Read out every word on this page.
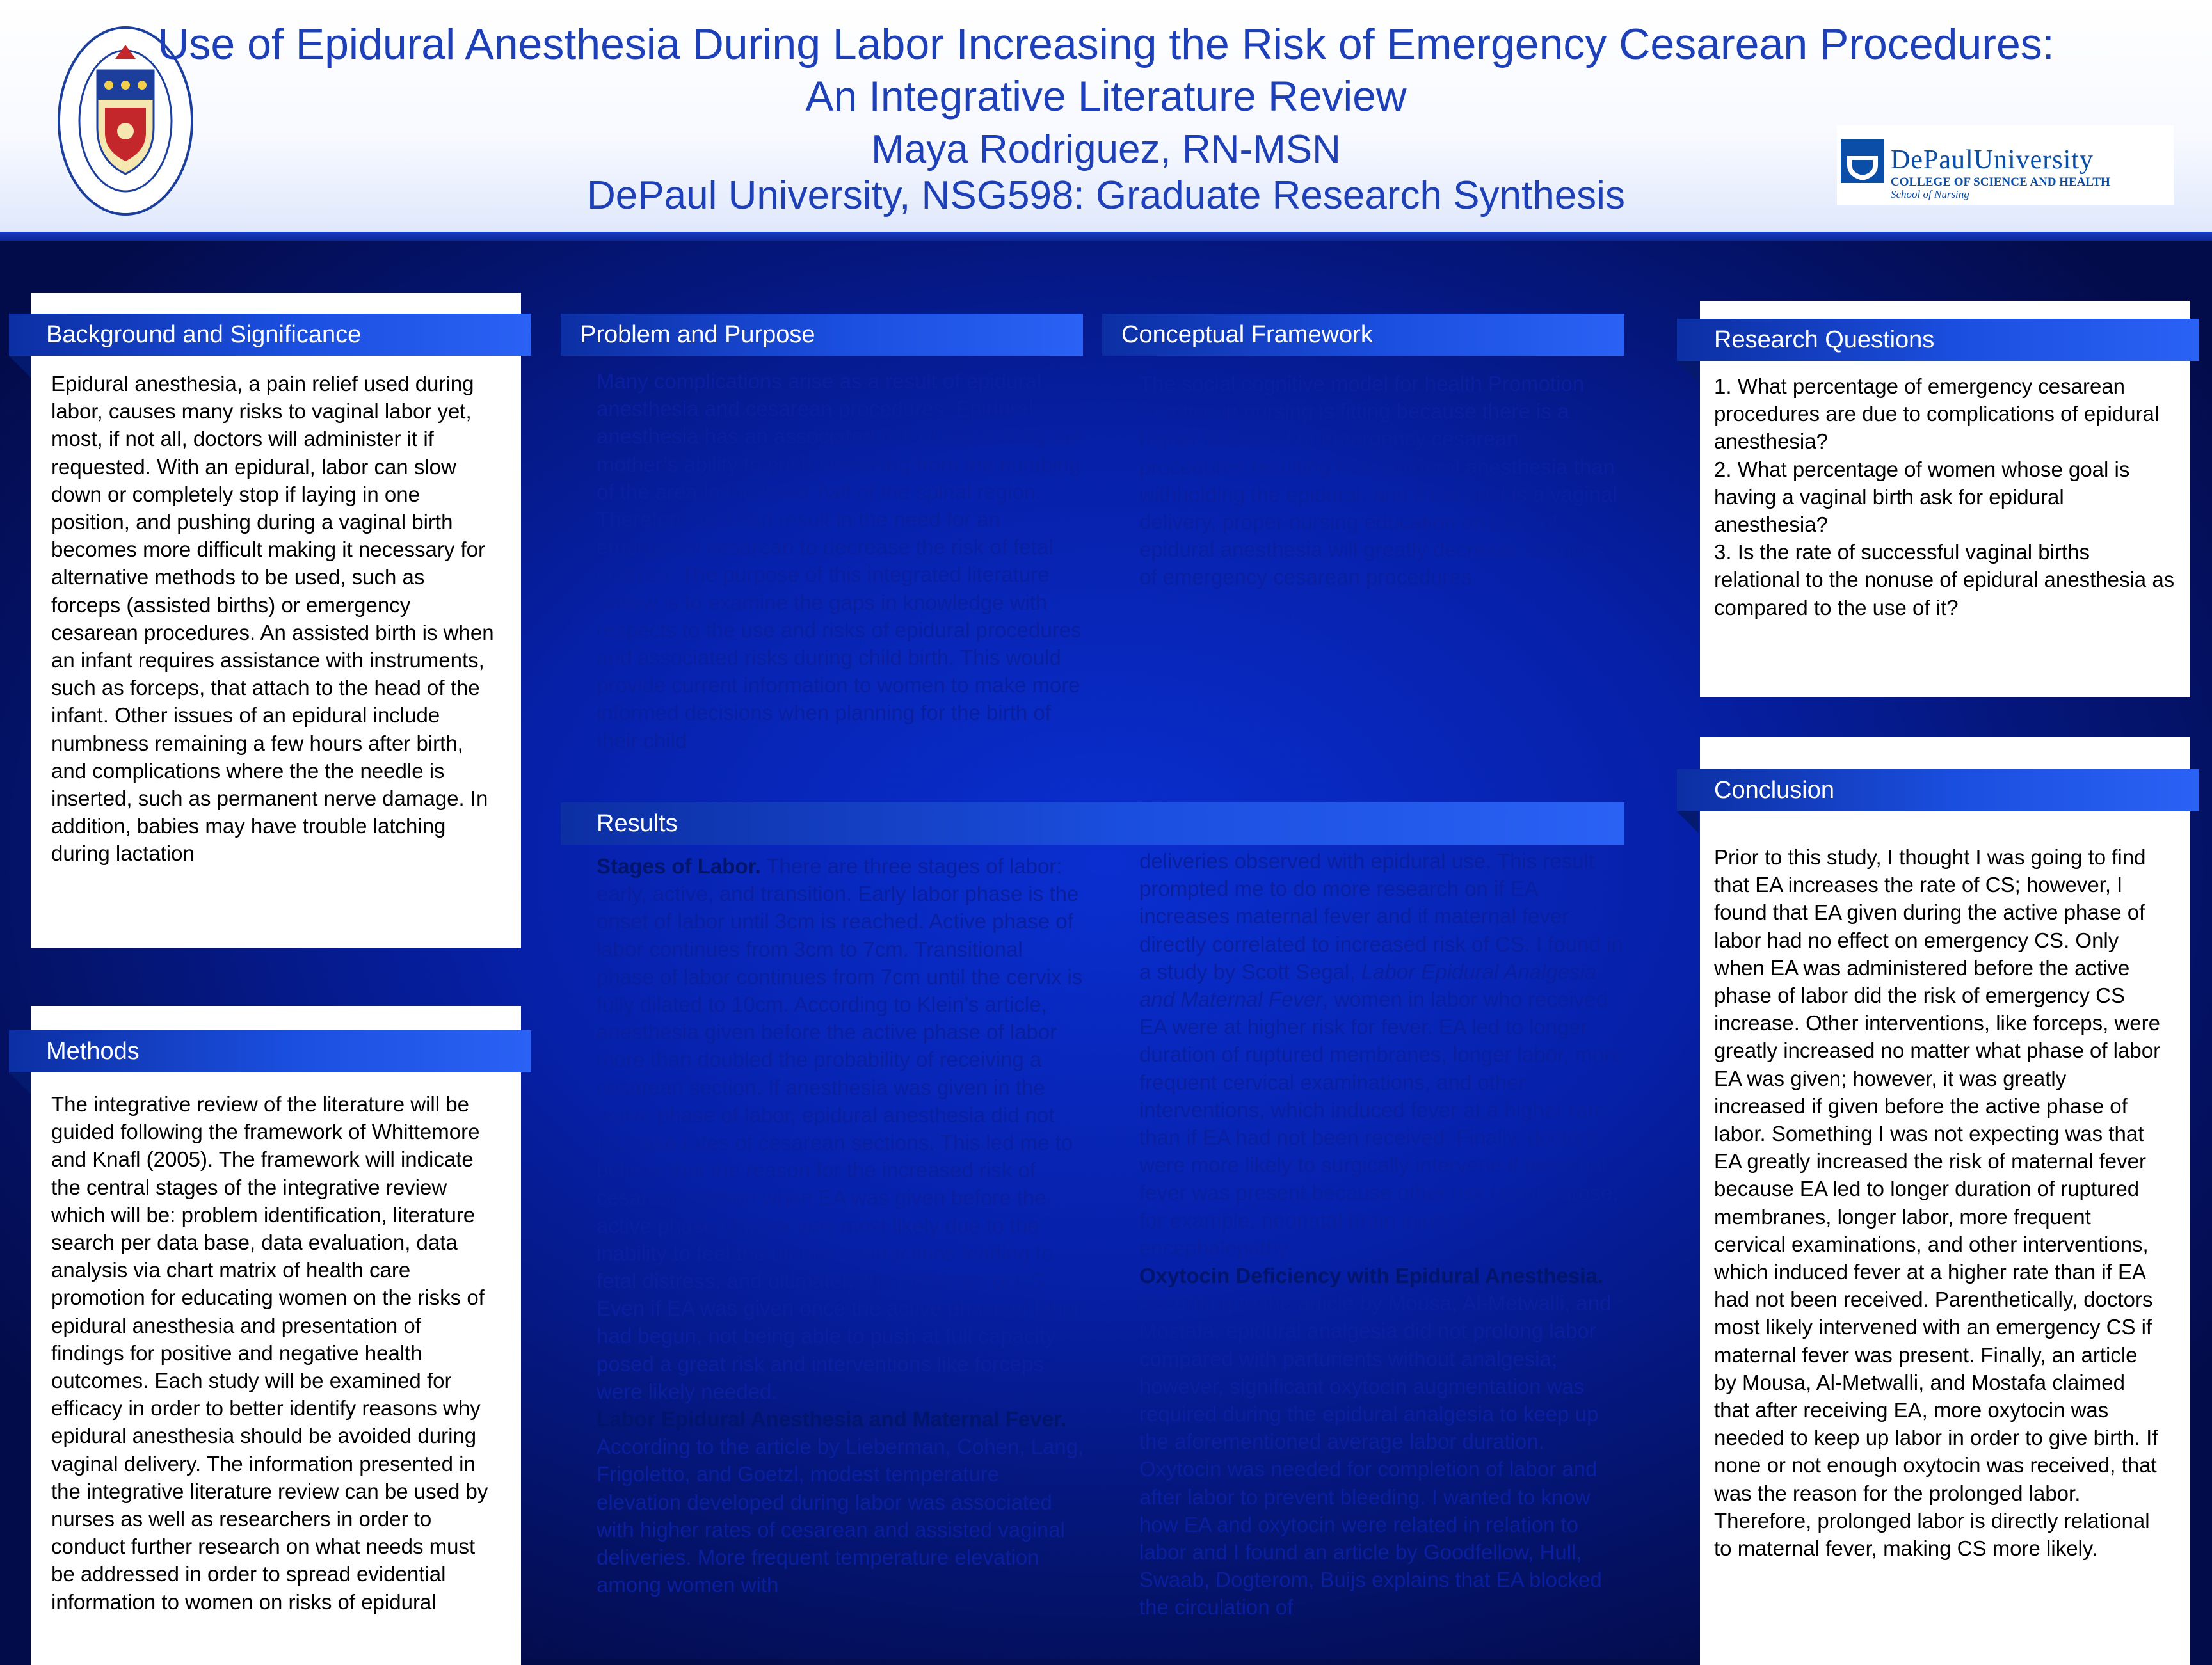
Use of Epidural Anesthesia During Labor Increasing the Risk of Emergency Cesarean Procedures:
An Integrative Literature Review
Maya Rodriguez, RN-MSN
DePaul University, NSG598: Graduate Research Synthesis
DePaulUniversity
COLLEGE OF SCIENCE AND HEALTH
School of Nursing
Background and Significance
Epidural anesthesia, a pain relief used during labor, causes many risks to vaginal labor yet, most, if not all, doctors will administer it if requested. With an epidural, labor can slow down or completely stop if laying in one position, and pushing during a vaginal birth becomes more difficult making it necessary for alternative methods to be used, such as forceps (assisted births) or emergency cesarean procedures. An assisted birth is when an infant requires assistance with instruments, such as forceps, that attach to the head of the infant. Other issues of an epidural include numbness remaining a few hours after birth, and complications where the the needle is inserted, such as permanent nerve damage. In addition, babies may have trouble latching during lactation
Methods
The integrative review of the literature will be guided following the framework of Whittemore and Knafl (2005). The framework will indicate the central stages of the integrative review which will be: problem identification, literature search per data base, data evaluation, data analysis via chart matrix of health care promotion for educating women on the risks of epidural anesthesia and presentation of findings for positive and negative health outcomes. Each study will be examined for efficacy in order to better identify reasons why epidural anesthesia should be avoided during vaginal delivery. The information presented in the integrative literature review can be used by nurses as well as researchers in order to conduct further research on what needs must be addressed in order to spread evidential information to women on risks of epidural
Problem and Purpose
Many complications arise as a result of epidural anesthesia and cesarean procedures. Epidural anesthesia has an associated risk of decreasing the mother’s ability to push stemming from the numbing of the area in the lower half of the spinal region. Therefore, this can result in the need for an emergency cesarean to decrease the risk of fetal distress. The purpose of this integrated literature review is to examine the gaps in knowledge with respects to the use and risks of epidural procedures and associated risks during child birth. This would provide current information to women to make more informed decisions when planning for the birth of their child
Conceptual Framework
The social cognitive model for health Promotion Practice in nursing is fitting because there is a higher likelihood of emergency cesarean procedures resulting from epidural anesthesia than withholding the epidural, and if the goal is a vaginal delivery, proper nursing education on risks of epidural anesthesia will greatly decrease chances of emergency cesarean procedures.
Results

Stages of Labor. There are three stages of labor: early, active, and transition. Early labor phase is the onset of labor until 3cm is reached. Active phase of labor continues from 3cm to 7cm. Transitional phase of labor continues from 7cm until the cervix is fully dilated to 10cm. According to Klein’s article, anesthesia given before the active phase of labor more than doubled the probability of receiving a cesarean section. If anesthesia was given in the active phase of labor, epidural anesthesia did not increase rates of cesarean sections. This led me to believe that the reason for the increased risk of cesarean section when EA was given before the active phase of labor was most likely due to the inability to feel the uterine contractions leading to fetal distress, and ultimately the necessity of CS. Even if EA was given once the active phase of labor had begun, not being able to push at full capacity posed a great risk and interventions like forceps were likely needed.

Labor Epidural Anesthesia and Maternal Fever. According to the article by Lieberman, Cohen, Lang, Frigoletto, and Goetzl, modest temperature elevation developed during labor was associated with higher rates of cesarean and assisted vaginal deliveries. More frequent temperature elevation among women with

deliveries observed with epidural use. This result prompted me to do more research on if EA increases maternal fever and if maternal fever directly correlated to increased risk of CS. I found in a study by Scott Segal, Labor Epidural Analgesia and Maternal Fever, women in labor who received EA were at higher risk for fever. EA led to longer duration of ruptured membranes, longer labor, more frequent cervical examinations, and other interventions, which induced fever at a higher rate than if EA had not been received. Finally, doctors were more likely to surgically intervene if maternal fever was present because other risk factors arose; for example, neonatal brain injury or encephalopathy.

Oxytocin Deficiency with Epidural Anesthesia. According to the article by Mousa, Al-Metwalli, and Mostafa, epidural analgesia did not prolong labor compared with parturients without analgesia; however, significant oxytocin augmentation was required during the epidural analgesia to keep up the aforementioned average labor duration. Oxytocin was needed for completion of labor and after labor to prevent bleeding. I wanted to know how EA and oxytocin were related in relation to labor and I found an article by Goodfellow, Hull, Swaab, Dogterom, Buijs explains that EA blocked the circulation of

Research Questions

1. What percentage of emergency cesarean procedures are due to complications of epidural anesthesia?

2. What percentage of women whose goal is having a vaginal birth ask for epidural anesthesia?

3. Is the rate of successful vaginal births relational to the nonuse of epidural anesthesia as compared to the use of it?

Conclusion
Prior to this study, I thought I was going to find that EA increases the rate of CS; however, I found that EA given during the active phase of labor had no effect on emergency CS. Only when EA was administered before the active phase of labor did the risk of emergency CS increase. Other interventions, like forceps, were greatly increased no matter what phase of labor EA was given; however, it was greatly increased if given before the active phase of labor. Something I was not expecting was that EA greatly increased the risk of maternal fever because EA led to longer duration of ruptured membranes, longer labor, more frequent cervical examinations, and other interventions, which induced fever at a higher rate than if EA had not been received. Parenthetically, doctors most likely intervened with an emergency CS if maternal fever was present. Finally, an article by Mousa, Al-Metwalli, and Mostafa claimed that after receiving EA, more oxytocin was needed to keep up labor in order to give birth. If none or not enough oxytocin was received, that was the reason for the prolonged labor. Therefore, prolonged labor is directly relational to maternal fever, making CS more likely.
